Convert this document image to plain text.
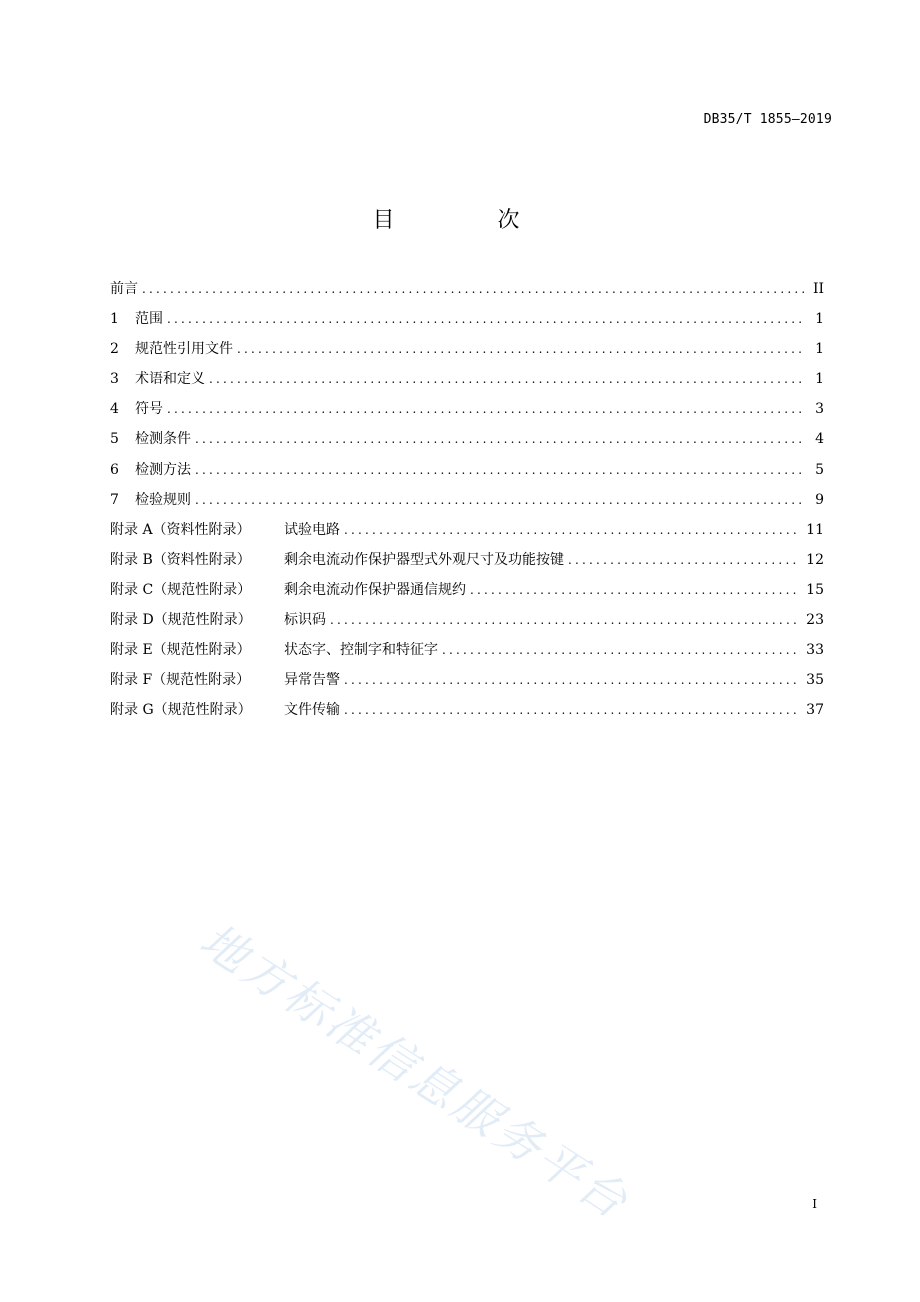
DB35/T 1855—2019
目 次
前言 .....	II
1	范围 .....	1
2	规范性引用文件 .....	1
3	术语和定义 .....	1
4	符号 .....	3
5	检测条件 .....	4
6	检测方法 .....	5
7	检验规则 .....	9
附录 A（资料性附录）	试验电路 .....	11
附录 B（资料性附录）	剩余电流动作保护器型式外观尺寸及功能按键 .....	12
附录 C（规范性附录）	剩余电流动作保护器通信规约 .....	15
附录 D（规范性附录）	标识码 .....	23
附录 E（规范性附录）	状态字、控制字和特征字 .....	33
附录 F（规范性附录）	异常告警 .....	35
附录 G（规范性附录）	文件传输 .....	37
地方标准信息服务平台	I
